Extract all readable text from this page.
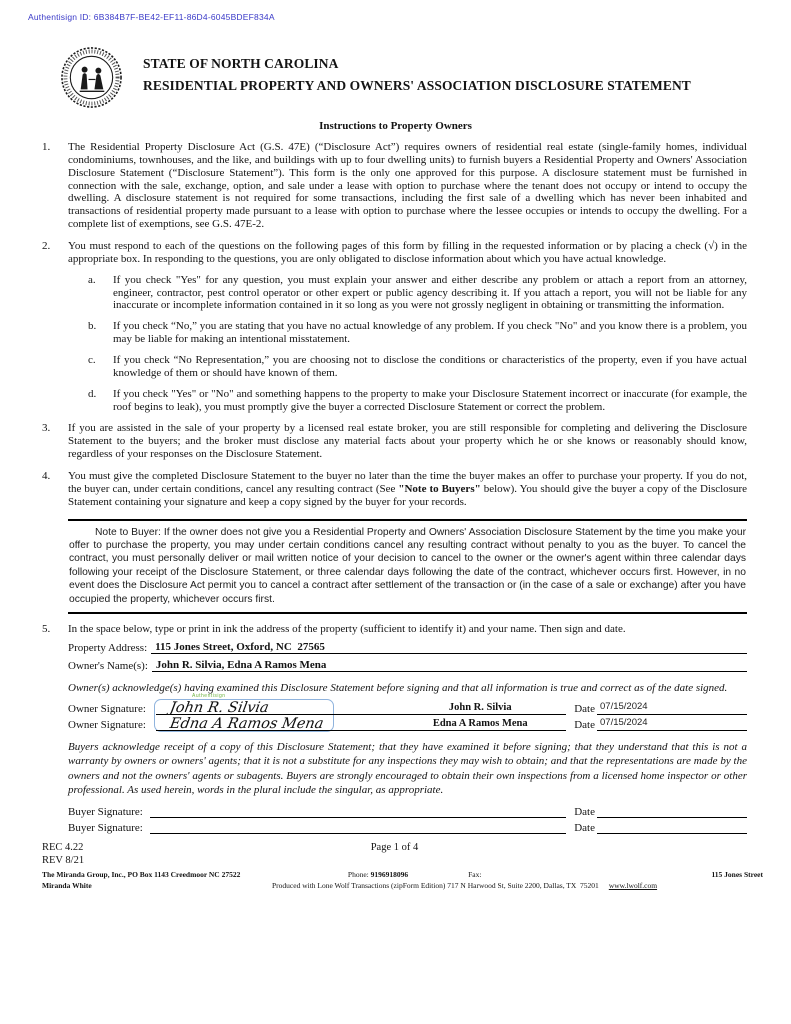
Authentisign ID: 6B384B7F-BE42-EF11-86D4-6045BDEF834A
STATE OF NORTH CAROLINA
RESIDENTIAL PROPERTY AND OWNERS' ASSOCIATION DISCLOSURE STATEMENT
Instructions to Property Owners
1.	The Residential Property Disclosure Act (G.S. 47E) (“Disclosure Act”) requires owners of residential real estate (single-family homes, individual condominiums, townhouses, and the like, and buildings with up to four dwelling units) to furnish buyers a Residential Property and Owners' Association Disclosure Statement (“Disclosure Statement”). This form is the only one approved for this purpose. A disclosure statement must be furnished in connection with the sale, exchange, option, and sale under a lease with option to purchase where the tenant does not occupy or intend to occupy the dwelling. A disclosure statement is not required for some transactions, including the first sale of a dwelling which has never been inhabited and transactions of residential property made pursuant to a lease with option to purchase where the lessee occupies or intends to occupy the dwelling. For a complete list of exemptions, see G.S. 47E-2.
2.	You must respond to each of the questions on the following pages of this form by filling in the requested information or by placing a check (√) in the appropriate box. In responding to the questions, you are only obligated to disclose information about which you have actual knowledge.
a.	If you check "Yes" for any question, you must explain your answer and either describe any problem or attach a report from an attorney, engineer, contractor, pest control operator or other expert or public agency describing it. If you attach a report, you will not be liable for any inaccurate or incomplete information contained in it so long as you were not grossly negligent in obtaining or transmitting the information.
b.	If you check “No,” you are stating that you have no actual knowledge of any problem. If you check "No" and you know there is a problem, you may be liable for making an intentional misstatement.
c.	If you check “No Representation,” you are choosing not to disclose the conditions or characteristics of the property, even if you have actual knowledge of them or should have known of them.
d.	If you check "Yes" or "No" and something happens to the property to make your Disclosure Statement incorrect or inaccurate (for example, the roof begins to leak), you must promptly give the buyer a corrected Disclosure Statement or correct the problem.
3.	If you are assisted in the sale of your property by a licensed real estate broker, you are still responsible for completing and delivering the Disclosure Statement to the buyers; and the broker must disclose any material facts about your property which he or she knows or reasonably should know, regardless of your responses on the Disclosure Statement.
4.	You must give the completed Disclosure Statement to the buyer no later than the time the buyer makes an offer to purchase your property. If you do not, the buyer can, under certain conditions, cancel any resulting contract (See "Note to Buyers" below). You should give the buyer a copy of the Disclosure Statement containing your signature and keep a copy signed by the buyer for your records.

Note to Buyer: If the owner does not give you a Residential Property and Owners' Association Disclosure Statement by the time you make your offer to purchase the property, you may under certain conditions cancel any resulting contract without penalty to you as the buyer. To cancel the contract, you must personally deliver or mail written notice of your decision to cancel to the owner or the owner's agent within three calendar days following your receipt of the Disclosure Statement, or three calendar days following the date of the contract, whichever occurs first. However, in no event does the Disclosure Act permit you to cancel a contract after settlement of the transaction or (in the case of a sale or exchange) after you have occupied the property, whichever occurs first.

5.	In the space below, type or print in ink the address of the property (sufficient to identify it) and your name. Then sign and date.
Property Address: 115 Jones Street, Oxford, NC  27565
Owner's Name(s): John R. Silvia, Edna A Ramos Mena
Owner(s) acknowledge(s) having examined this Disclosure Statement before signing and that all information is true and correct as of the date signed.
Authentisign
Owner Signature:	John R. Silvia	John R. Silvia	Date 07/15/2024
Owner Signature:	Edna A Ramos Mena	Edna A Ramos Mena	Date 07/15/2024
Buyers acknowledge receipt of a copy of this Disclosure Statement; that they have examined it before signing; that they understand that this is not a warranty by owners or owners' agents; that it is not a substitute for any inspections they may wish to obtain; and that the representations are made by the owners and not the owners' agents or subagents. Buyers are strongly encouraged to obtain their own inspections from a licensed home inspector or other professional. As used herein, words in the plural include the singular, as appropriate.
Buyer Signature:	Date
Buyer Signature:	Date
REC 4.22	Page 1 of 4
REV 8/21
The Miranda Group, Inc., PO Box 1143 Creedmoor NC 27522	Phone: 9196918096	Fax:	115 Jones Street
Miranda White	Produced with Lone Wolf Transactions (zipForm Edition) 717 N Harwood St, Suite 2200, Dallas, TX  75201 www.lwolf.com
